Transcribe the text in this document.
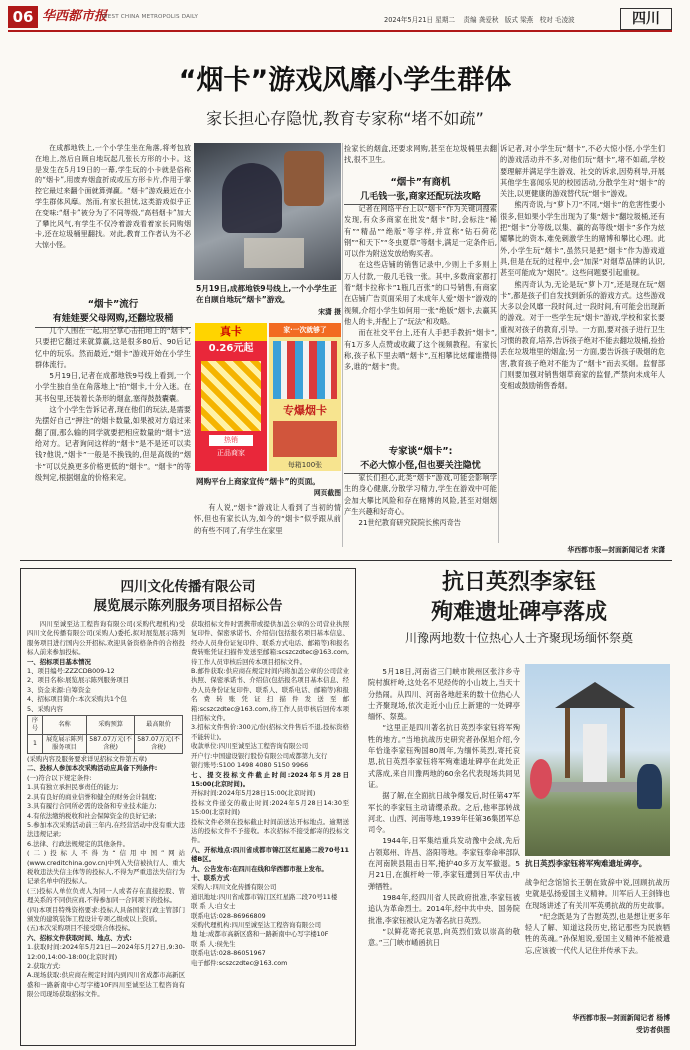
06 华西都市报
WEST CHINA METROPOLIS DAILY	2024年5月21日 星期二 责编 龚爱秋 版式 梁燕 校对 毛凌波	四川
“烟卡”游戏风靡小学生群体
家长担心存隐忧,教育专家称“堵不如疏”
在成都地铁上,一个小学生坐在角落,将考包放在地上,然后自顾自地玩起几张长方形的小卡。这是发生在5月19日的一幕,学生玩的小卡就是俗称的“烟卡”,用废弃烟盒折成或压方形卡片,作用于掌控它最过来翻个面就算弹赢。“烟卡”游戏最近在小学生群体风靡。然而,有家长担忧,这类游戏似乎正在变味:“烟卡”被分为了不同等级,“高档烟卡”加大了攀比风气,有学生不仅冷着游戏看着家长同购烟卡,还在垃圾桶里翻找。对此,教育工作者认为不必大惊小怪。
“烟卡”流行
有娃娃要父母网购,还翻垃圾桶

几个人围在一起,用空掌心击拍地上的“烟卡”,只要把它翻过来就算赢,这是很多80后、90后记忆中的玩乐。然而最近,“烟卡”游戏开始在小学生群体流行。

5月19日,记者在成都地铁9号线上看到,一个小学生独自坐在角落地上“拍”烟卡,十分入迷。在其书包里,还装着长条形的烟盒,塞得鼓鼓囊囊。

这个小学生告诉记者,现在他们的玩法,是需要先摆好自己“押注”的烟卡数量,如果被对方扇过来翻了面,那么输的同学就要把相应数量的“烟卡”送给对方。记者询问这样的“烟卡”是不是还可以卖钱?他说,“烟卡”一般是不换钱的,但是高级的“烟卡”可以兑换更多价格更低的“烟卡”。“烟卡”的等级判定,根据烟盒的价格来定。

5月19日,成都地铁9号线上,一个小学生正在自顾自地玩“烟卡”游戏。
宋潇 摄
真卡
0.26元起
热销
正品商家
家·一次就够了
专爆烟卡
每箱100张
网购平台上商家宣传“烟卡”的页面。
网页截图

有人说,“烟卡”游戏让人看到了当初的情怀,但也有家长认为,如今的“烟卡”似乎跟从前的有些不同了,有学生在家里

捡家长的烟盒,还要求网购,甚至在垃圾桶里去翻找,很不卫生。

“烟卡”有商机
几毛钱一张,商家还配玩法攻略

记者在网络平台上以“烟卡”作为关键词搜索发现,有众多商家在批发“烟卡”时,会标注“稀有”“精品”“绝版”等字样,并宣称“钻石荷花钢”“和天下”“冬虫夏草”等烟卡,满足一定条件后,可以作为附送发放给购买者。

在这些店铺的销售记录中,少则上千多则上万人付款,一般几毛钱一张。其中,多数商家都打着“烟卡拉称卡”1瓶几百张”的口号销售,有商家在店铺广告页面采用了未成年人爱“烟卡”游戏的视频,介绍小学生如何用一张“绝版”烟卡,去赢其他人的卡,并配上了“玩法”和攻略。

而在社交平台上,还有人手把手教折“烟卡”,有1万多人点赞或收藏了这个视频教程。有家长称,孩子私下里去晒“烟卡”,互相攀比炫耀谁攒得多,谁的“烟卡”贵。

专家谈“烟卡”:
不必大惊小怪,但也要关注隐忧

家长们担心,此类“烟卡”游戏,可能会影响学生的身心健康,分散学习精力,学生在游戏中可能会加大攀比风险和存在赌博的风险,甚至对烟烟产生兴趣和好奇心。

21世纪教育研究院院长熊丙奇告

诉记者,对小学生玩“烟卡”,不必大惊小怪,小学生们的游戏活动并不多,对他们玩“烟卡”,堵不如疏,学校要理解并满足学生游戏、社交的诉求,因势利导,开展其他学生喜闻乐见的校园活动,分散学生对“烟卡”的关注,以更健康的游戏替代玩“烟卡”游戏。

熊丙奇说,与“萝卜刀”不同,“烟卡”的危害性要小很多,但如果小学生出现为了集“烟卡”翻垃圾桶,还有把“烟卡”分等级,以集、赢的高等级“烟卡”多作为炫耀攀比的资本,难免刺激学生的赌博和攀比心理。此外,小学生玩“烟卡”,虽然只是把“烟卡”作为游戏道具,但是在玩的过程中,会“加深”对烟草品牌的认识,甚至可能成为“烟民”。这些问题要引起重视。

熊丙奇认为,无论是玩“萝卜刀”,还是现在玩“烟卡”,都是孩子们自发找到新乐的游戏方式。这些游戏大多以会风靡一段时间,过一段时间,有可能会出现新的游戏。对于一些学生玩“烟卡”游戏,学校和家长要重视对孩子的教育,引导。一方面,要对孩子进行卫生习惯的教育,培养,告诉孩子绝对不能去翻垃圾桶,捡拾丢在垃圾堆里的烟盒;另一方面,要告诉孩子吸烟的危害,教育孩子绝对不能为了“烟卡”而去买烟。监督部门则要加强对销售烟草商家的监督,严禁向未成年人变相或鼓励销售香烟。

华西都市报—封面新闻记者 宋潇
四川文化传播有限公司
展览展示陈列服务项目招标公告
四川至诚至达工程咨询有限公司(采购代理机构)受四川文化传播有限公司(采购人)委托,拟对展览展示陈列服务项目进行国内公开招标,欢迎具备资格条件的合格投标人前来参加投标。
一、招标项目基本情况
1、项目编号:ZZZCDB009-12
2、项目名称:展览展示陈列服务项目
3、资金来源:自筹资金
4、招标项目简介:本次采购共1个包
5、采购内容
序号	名称	采购预算	最高限价
1	展览展示陈列服务项目	587.07万元(不含税)	587.07万元(不含税)
(采购内容及服务要求详见招标文件第五章)
二、投标人参加本次采购活动应具备下列条件:
(一)符合以下规定条件:
1.具有独立承担民事责任的能力;
2.具有良好的商业信誉和健全的财务会计制度;
3.具有履行合同所必需的设备和专业技术能力;
4.有依法缴纳税收和社会保障资金的良好记录;
5.参加本次采购活动前三年内,在经营活动中没有重大违法违规记录;
6.法律、行政法规规定的其他条件。
(二)投标人不得为“信用中国”网站(www.creditchina.gov.cn)中列入失信被执行人、重大税收违法失信主体等的投标人,不得为严重违法失信行为记录名单中的投标人。
(三)投标人单位负责人为同一人或者存在直接控股、管理关系的不同供应商,不得参加同一合同项下的投标。
(四)本项目特殊资格要求:投标人具备国家行政主管部门颁发的建筑装饰工程设计专项乙级或以上资质。
(五)本次采购项目不接受联合体投标。
六、招标文件获取时间、地点、方式:
1.获取时间:2024年5月21日—2024年5月27日,9:30-12:00,14:00-18:00(北京时间)
2.获取方式:
A.现场获取:供应商在规定时间内到四川省成都市高新区盛和一路新南中心写字楼10F四川至诚至达工程咨询有限公司现场获取招标文件。
获取招标文件时需携带或提供加盖公章的公司营业执照复印件、保密承诺书、介绍信(包括报名项目基本信息、经办人员身份证复印件、联系方式电话、邮箱等)和报名费转账凭证扫描件发送至邮箱:scszczdtec@163.com,待工作人员审核后回传本项目招标文件。
B.邮件获取:供应商在规定时间内将加盖公章的公司营业执照、保密承诺书、介绍信(包括报名项目基本信息、经办人员身份证复印件、联系人、联系电话、邮箱等)和报名费转账凭证扫描件发送至邮箱:scszczdtec@163.com,待工作人员审核后回传本项目招标文件。
3.招标文件售价:300元/份(招标文件售后不退,投标资格不能转让)。
收款单位:四川至诚至达工程咨询有限公司
开户行:中国建设银行股份有限公司成都第九支行
银行账号:5100 1498 4080 5150 9966
七、提交投标文件截止时间:2024年5月28日15:00(北京时间)。
开标时间:2024年5月28日15:00(北京时间)
投标文件递交的截止时间:2024年5月28日14:30至15:00(北京时间)
投标文件必须在投标截止时间前送达开标地点。逾期送达的投标文件不予接收。本次招标不接受邮寄的投标文件。
八、开标地点:四川省成都市锦江区红星路二段70号11楼B区。
九、公告发布:在四川在线和华西都市报上发布。
十、联系方式
采购人:四川文化传播有限公司
通讯地址:四川省成都市锦江区红星路二段70号11楼
联 系 人:白女士
联系电话:028-86966809
采购代理机构:四川至诚至达工程咨询有限公司
地 址:成都市高新区盛和一路新南中心写字楼10F
联 系 人:侯先生
联系电话:028-86051967
电子邮件:scszczdtec@163.com
抗日英烈李家钰
殉难遗址碑亭落成
川豫两地数十位热心人士齐聚现场缅怀祭奠

5月18日,河南省三门峡市陕州区张汴乡寺院村旗杆岭,这处名不见经传的小山坡上,当天十分热闹。从四川、河南各地赶来的数十位热心人士齐聚现场,依次走近小山丘上新建的一处碑亭缅怀、祭奠。

“这里正是四川著名抗日英烈李家钰将军殉牲的地方。”当地抗战历史研究者孙保旭介绍,今年恰逢李家钰殉国80周年,为缅怀英烈,寄托哀思,抗日英烈李家钰将军殉难遗址碑亭在此处正式落成,来自川豫两地的60余名代表现场共同见证。

据了解,在全面抗日战争爆发后,时任第47军军长的李家钰主动请缨杀敌。之后,他率部转战河北、山西、河南等地,1939年任第36集团军总司令。

1944年,日军集结重兵发动豫中会战,先后占领郑州、许昌、洛阳等地。李家钰奉命率部队在河南陕县阻击日军,掩护40多万友军撤退。5月21日,在旗杆岭一带,李家钰遭到日军伏击,中弹牺牲。

1984年,经四川省人民政府批准,李家钰被追认为革命烈士。2014年,经中共中央、国务院批准,李家钰被认定为著名抗日英烈。

“以鲜花寄托哀思,向英烈们致以崇高的敬意。”三门峡市崤函抗日

抗日英烈李家钰将军殉难遗址碑亭。

战争纪念馆馆长王朝在致辞中说,回顾抗战历史就是弘扬爱国主义精神。川军后人王剑锋也在现场讲述了有关川军英勇抗战的历史故事。

“纪念既是为了告慰英烈,也是想让更多年轻人了解、知道这段历史,铭记那些为民族牺牲的英魂。”孙保旭说,爱国主义精神不能被遗忘,应该被一代代人记住并传承下去。

华西都市报—封面新闻记者 杨博
受访者供图
